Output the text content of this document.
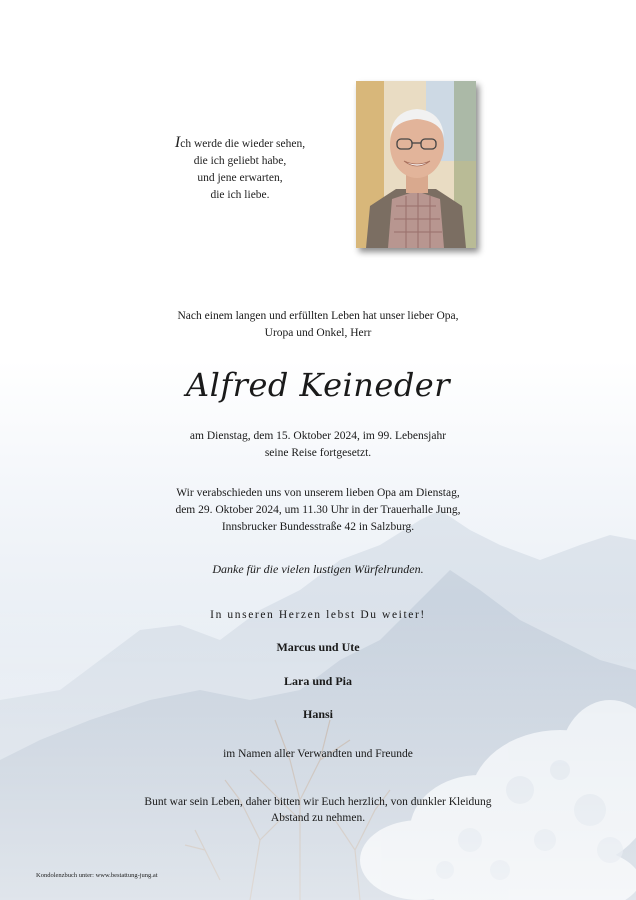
Ich werde die wieder sehen,
die ich geliebt habe,
und jene erwarten,
die ich liebe.
Nach einem langen und erfüllten Leben hat unser lieber Opa,
Uropa und Onkel, Herr
Alfred Keineder
am Dienstag, dem 15. Oktober 2024, im 99. Lebensjahr
seine Reise fortgesetzt.
Wir verabschieden uns von unserem lieben Opa am Dienstag,
dem 29. Oktober 2024, um 11.30 Uhr in der Trauerhalle Jung,
Innsbrucker Bundesstraße 42 in Salzburg.
Danke für die vielen lustigen Würfelrunden.
In unseren Herzen lebst Du weiter!
Marcus und Ute
Lara und Pia
Hansi
im Namen aller Verwandten und Freunde
Bunt war sein Leben, daher bitten wir Euch herzlich, von dunkler Kleidung
Abstand zu nehmen.
Kondolenzbuch unter: www.bestattung-jung.at
